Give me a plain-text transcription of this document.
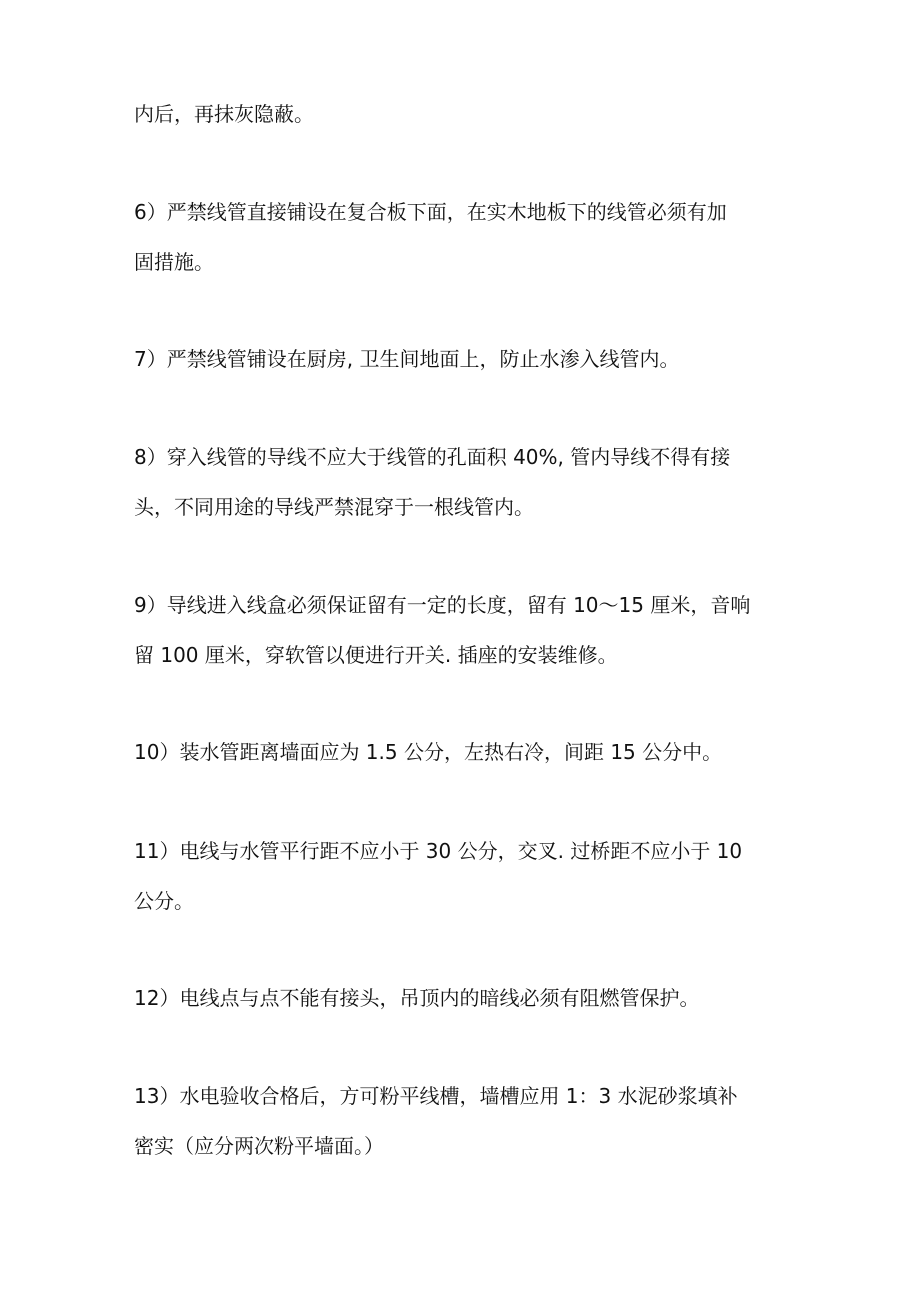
内后，再抹灰隐蔽。

6）严禁线管直接铺设在复合板下面，在实木地板下的线管必须有加
固措施。

7）严禁线管铺设在厨房, 卫生间地面上，防止水渗入线管内。

8）穿入线管的导线不应大于线管的孔面积 40%, 管内导线不得有接
头，不同用途的导线严禁混穿于一根线管内。

9）导线进入线盒必须保证留有一定的长度，留有 10～15 厘米，音响
留 100 厘米，穿软管以便进行开关. 插座的安装维修。

10）装水管距离墙面应为 1.5 公分，左热右冷，间距 15 公分中。

11）电线与水管平行距不应小于 30 公分，交叉. 过桥距不应小于 10
公分。

12）电线点与点不能有接头，吊顶内的暗线必须有阻燃管保护。

13）水电验收合格后，方可粉平线槽，墙槽应用 1：3 水泥砂浆填补
密实（应分两次粉平墙面。）
